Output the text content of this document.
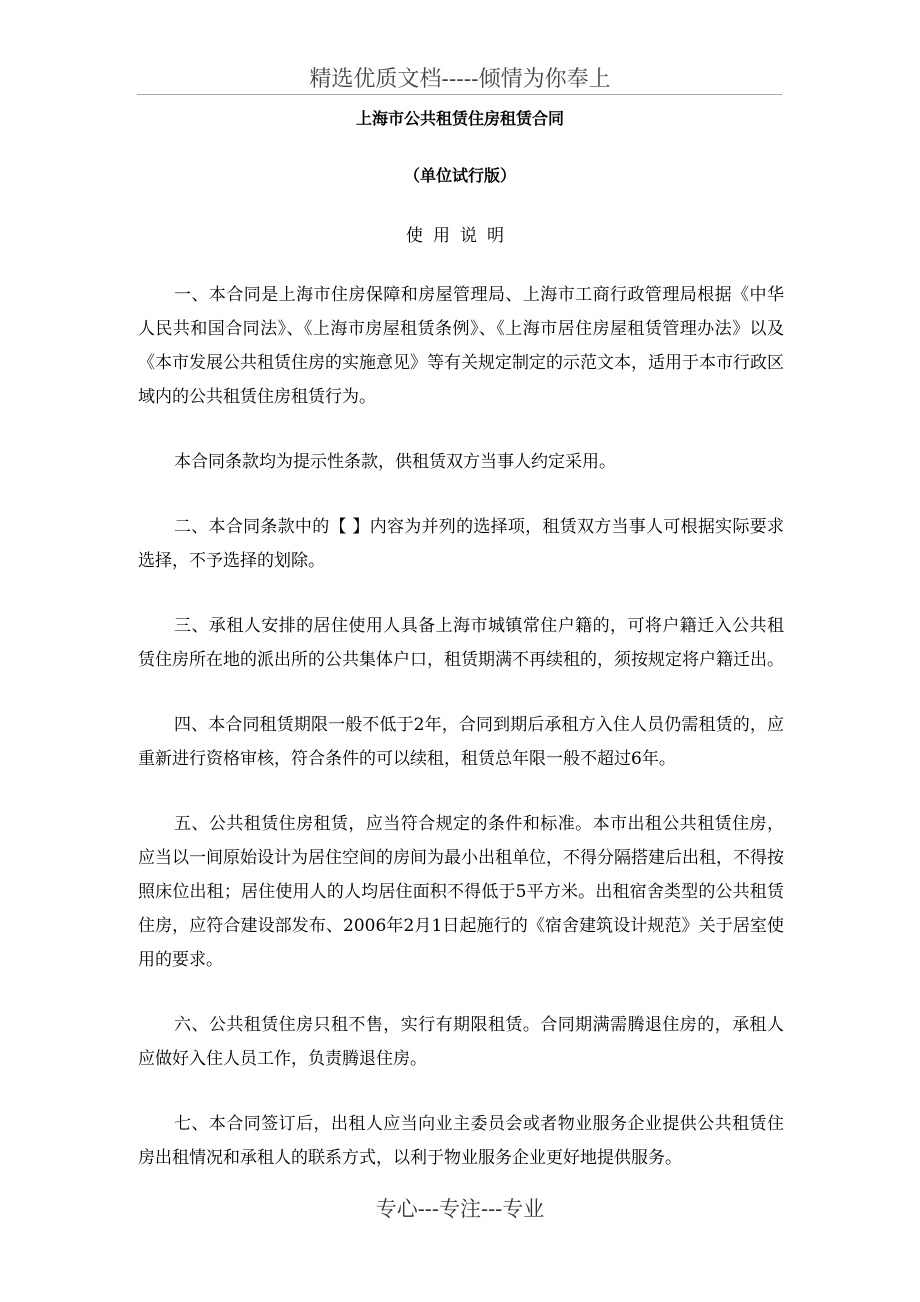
精选优质文档-----倾情为你奉上
上海市公共租赁住房租赁合同
（单位试行版）
使用说明

一、本合同是上海市住房保障和房屋管理局、上海市工商行政管理局根据《中华人民共和国合同法》、《上海市房屋租赁条例》、《上海市居住房屋租赁管理办法》以及《本市发展公共租赁住房的实施意见》等有关规定制定的示范文本，适用于本市行政区域内的公共租赁住房租赁行为。

本合同条款均为提示性条款，供租赁双方当事人约定采用。

二、本合同条款中的【 】内容为并列的选择项，租赁双方当事人可根据实际要求选择，不予选择的划除。

三、承租人安排的居住使用人具备上海市城镇常住户籍的，可将户籍迁入公共租赁住房所在地的派出所的公共集体户口，租赁期满不再续租的，须按规定将户籍迁出。

四、本合同租赁期限一般不低于2年，合同到期后承租方入住人员仍需租赁的，应重新进行资格审核，符合条件的可以续租，租赁总年限一般不超过6年。

五、公共租赁住房租赁，应当符合规定的条件和标准。本市出租公共租赁住房，应当以一间原始设计为居住空间的房间为最小出租单位，不得分隔搭建后出租，不得按照床位出租；居住使用人的人均居住面积不得低于5平方米。出租宿舍类型的公共租赁住房，应符合建设部发布、2006年2月1日起施行的《宿舍建筑设计规范》关于居室使用的要求。

六、公共租赁住房只租不售，实行有期限租赁。合同期满需腾退住房的，承租人应做好入住人员工作，负责腾退住房。

七、本合同签订后，出租人应当向业主委员会或者物业服务企业提供公共租赁住房出租情况和承租人的联系方式，以利于物业服务企业更好地提供服务。

专心---专注---专业
